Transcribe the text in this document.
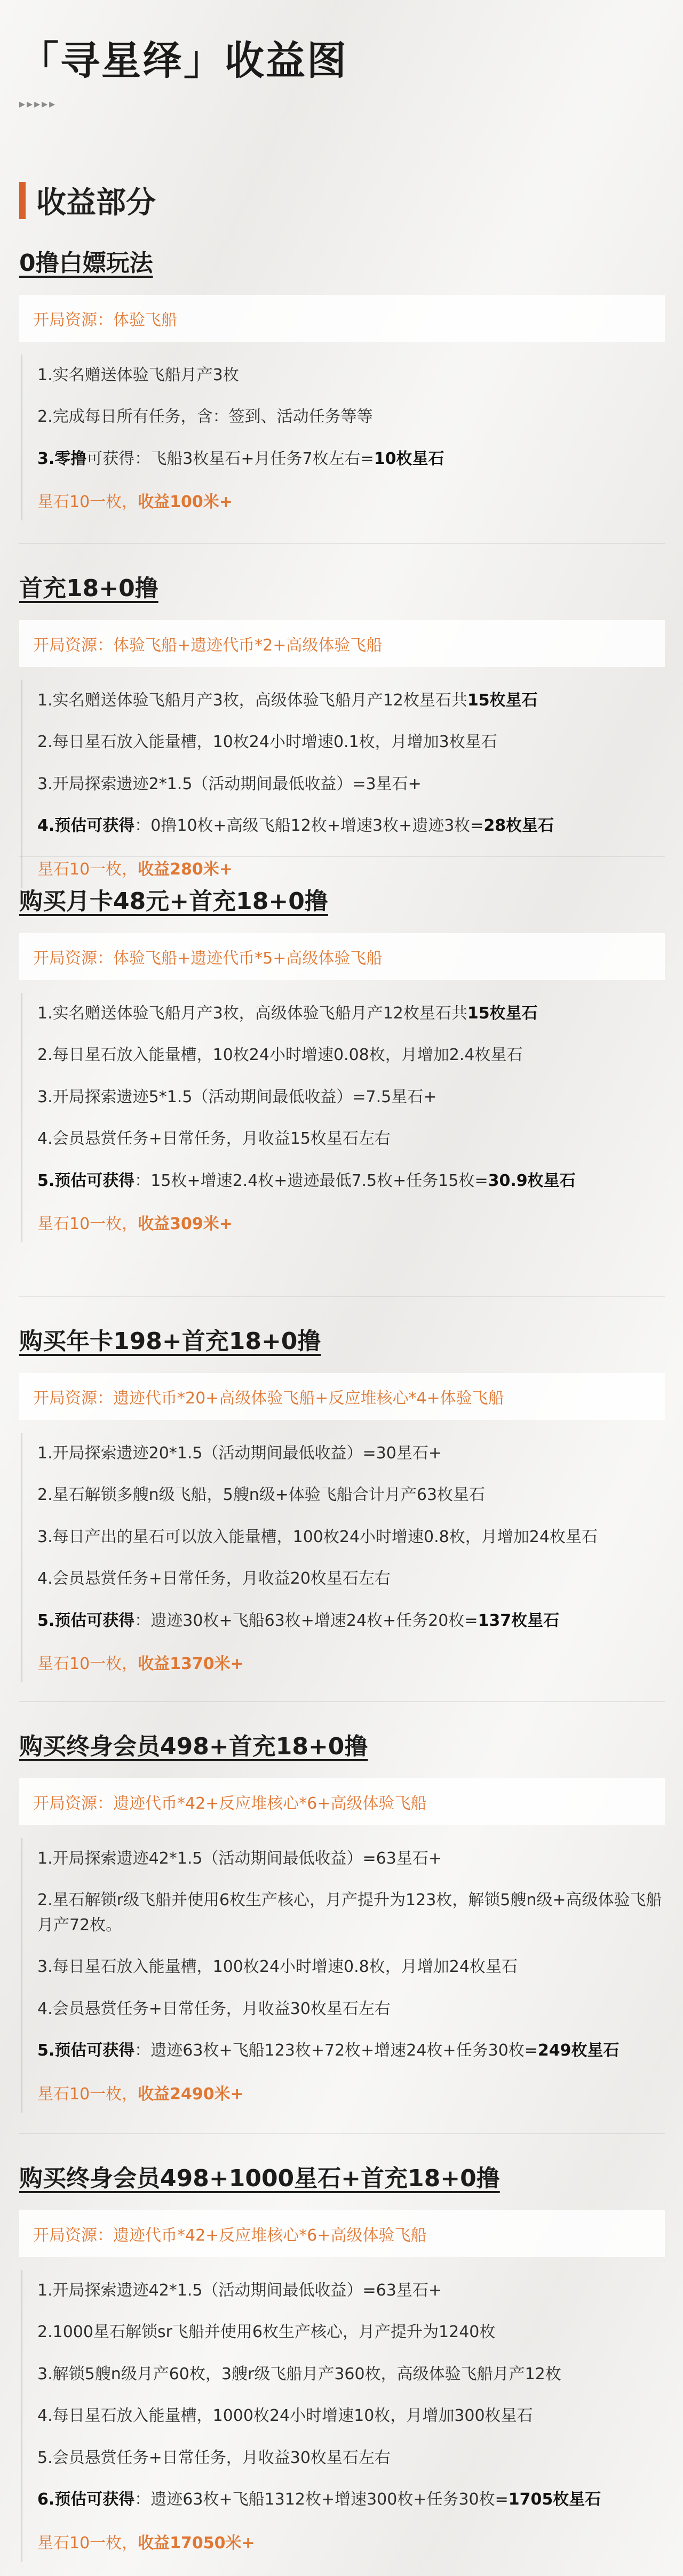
「寻星绎」收益图
▸▸▸▸▸
收益部分
0撸白嫖玩法
开局资源：体验飞船
1.实名赠送体验飞船月产3枚
2.完成每日所有任务，含：签到、活动任务等等
3.零撸可获得：飞船3枚星石+月任务7枚左右=10枚星石
星石10一枚，收益100米+
首充18+0撸
开局资源：体验飞船+遗迹代币*2+高级体验飞船
1.实名赠送体验飞船月产3枚，高级体验飞船月产12枚星石共15枚星石
2.每日星石放入能量槽，10枚24小时增速0.1枚，月增加3枚星石
3.开局探索遗迹2*1.5（活动期间最低收益）=3星石+
4.预估可获得：0撸10枚+高级飞船12枚+增速3枚+遗迹3枚=28枚星石
星石10一枚，收益280米+
购买月卡48元+首充18+0撸
开局资源：体验飞船+遗迹代币*5+高级体验飞船
1.实名赠送体验飞船月产3枚，高级体验飞船月产12枚星石共15枚星石
2.每日星石放入能量槽，10枚24小时增速0.08枚，月增加2.4枚星石
3.开局探索遗迹5*1.5（活动期间最低收益）=7.5星石+
4.会员悬赏任务+日常任务，月收益15枚星石左右
5.预估可获得：15枚+增速2.4枚+遗迹最低7.5枚+任务15枚=30.9枚星石
星石10一枚，收益309米+
购买年卡198+首充18+0撸
开局资源：遗迹代币*20+高级体验飞船+反应堆核心*4+体验飞船
1.开局探索遗迹20*1.5（活动期间最低收益）=30星石+
2.星石解锁多艘n级飞船，5艘n级+体验飞船合计月产63枚星石
3.每日产出的星石可以放入能量槽，100枚24小时增速0.8枚，月增加24枚星石
4.会员悬赏任务+日常任务，月收益20枚星石左右
5.预估可获得：遗迹30枚+飞船63枚+增速24枚+任务20枚=137枚星石
星石10一枚，收益1370米+
购买终身会员498+首充18+0撸
开局资源：遗迹代币*42+反应堆核心*6+高级体验飞船
1.开局探索遗迹42*1.5（活动期间最低收益）=63星石+
2.星石解锁r级飞船并使用6枚生产核心，月产提升为123枚，解锁5艘n级+高级体验飞船月产72枚。
3.每日星石放入能量槽，100枚24小时增速0.8枚，月增加24枚星石
4.会员悬赏任务+日常任务，月收益30枚星石左右
5.预估可获得：遗迹63枚+飞船123枚+72枚+增速24枚+任务30枚=249枚星石
星石10一枚，收益2490米+
购买终身会员498+1000星石+首充18+0撸
开局资源：遗迹代币*42+反应堆核心*6+高级体验飞船
1.开局探索遗迹42*1.5（活动期间最低收益）=63星石+
2.1000星石解锁sr飞船并使用6枚生产核心，月产提升为1240枚
3.解锁5艘n级月产60枚，3艘r级飞船月产360枚，高级体验飞船月产12枚
4.每日星石放入能量槽，1000枚24小时增速10枚，月增加300枚星石
5.会员悬赏任务+日常任务，月收益30枚星石左右
6.预估可获得：遗迹63枚+飞船1312枚+增速300枚+任务30枚=1705枚星石
星石10一枚，收益17050米+
